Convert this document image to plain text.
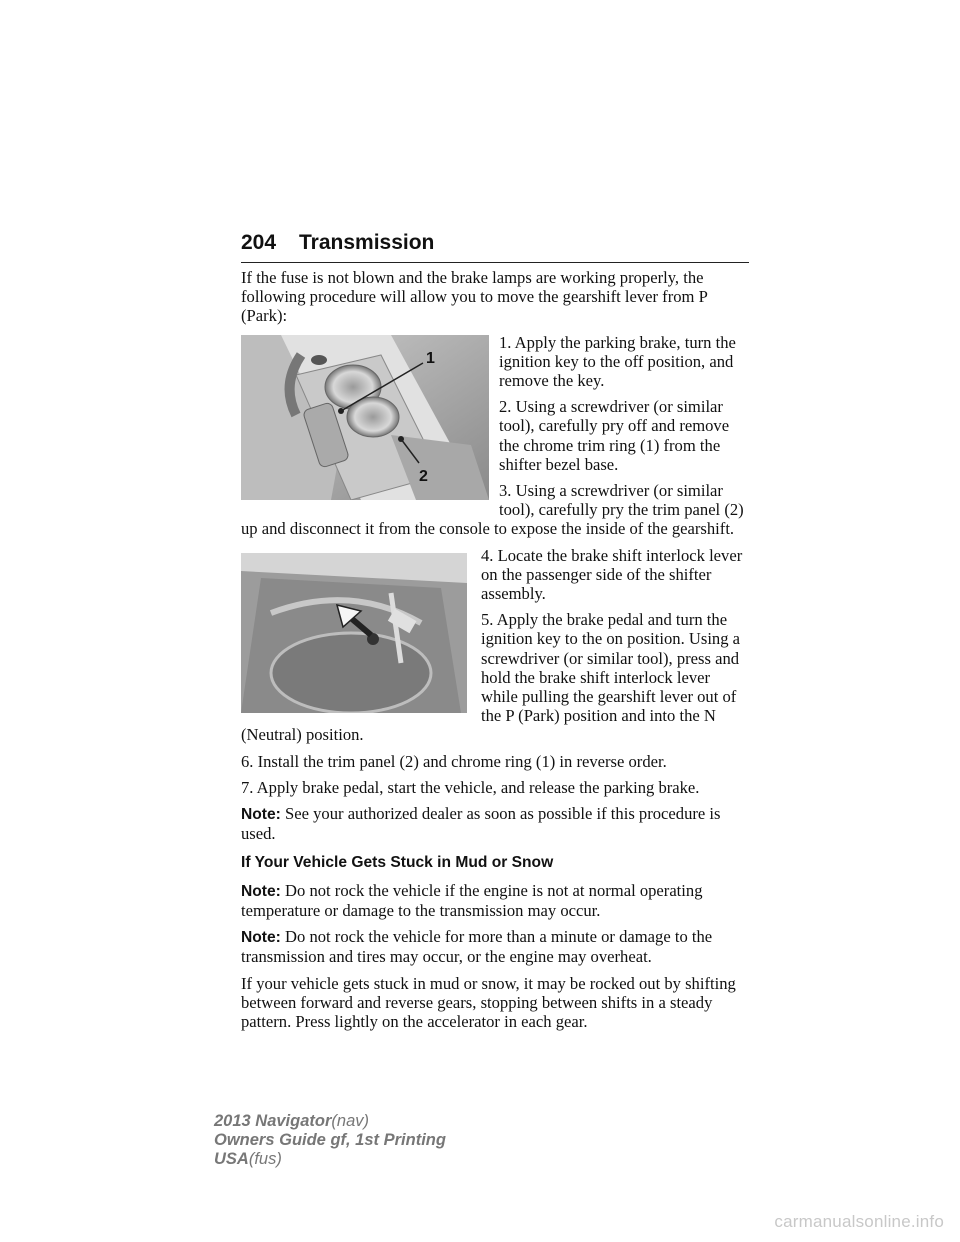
204 Transmission

If the fuse is not blown and the brake lamps are working properly, the following procedure will allow you to move the gearshift lever from P (Park):

1
2

1. Apply the parking brake, turn the ignition key to the off position, and remove the key.

2. Using a screwdriver (or similar tool), carefully pry off and remove the chrome trim ring (1) from the shifter bezel base.

3. Using a screwdriver (or similar tool), carefully pry the trim panel (2) up and disconnect it from the console to expose the inside of the gearshift.

4. Locate the brake shift interlock lever on the passenger side of the shifter assembly.

5. Apply the brake pedal and turn the ignition key to the on position. Using a screwdriver (or similar tool), press and hold the brake shift interlock lever while pulling the gearshift lever out of the P (Park) position and into the N (Neutral) position.

6. Install the trim panel (2) and chrome ring (1) in reverse order.

7. Apply brake pedal, start the vehicle, and release the parking brake.

Note: See your authorized dealer as soon as possible if this procedure is used.

If Your Vehicle Gets Stuck in Mud or Snow

Note: Do not rock the vehicle if the engine is not at normal operating temperature or damage to the transmission may occur.

Note: Do not rock the vehicle for more than a minute or damage to the transmission and tires may occur, or the engine may overheat.

If your vehicle gets stuck in mud or snow, it may be rocked out by shifting between forward and reverse gears, stopping between shifts in a steady pattern. Press lightly on the accelerator in each gear.

2013 Navigator(nav)
Owners Guide gf, 1st Printing
USA(fus)
carmanualsonline.info
